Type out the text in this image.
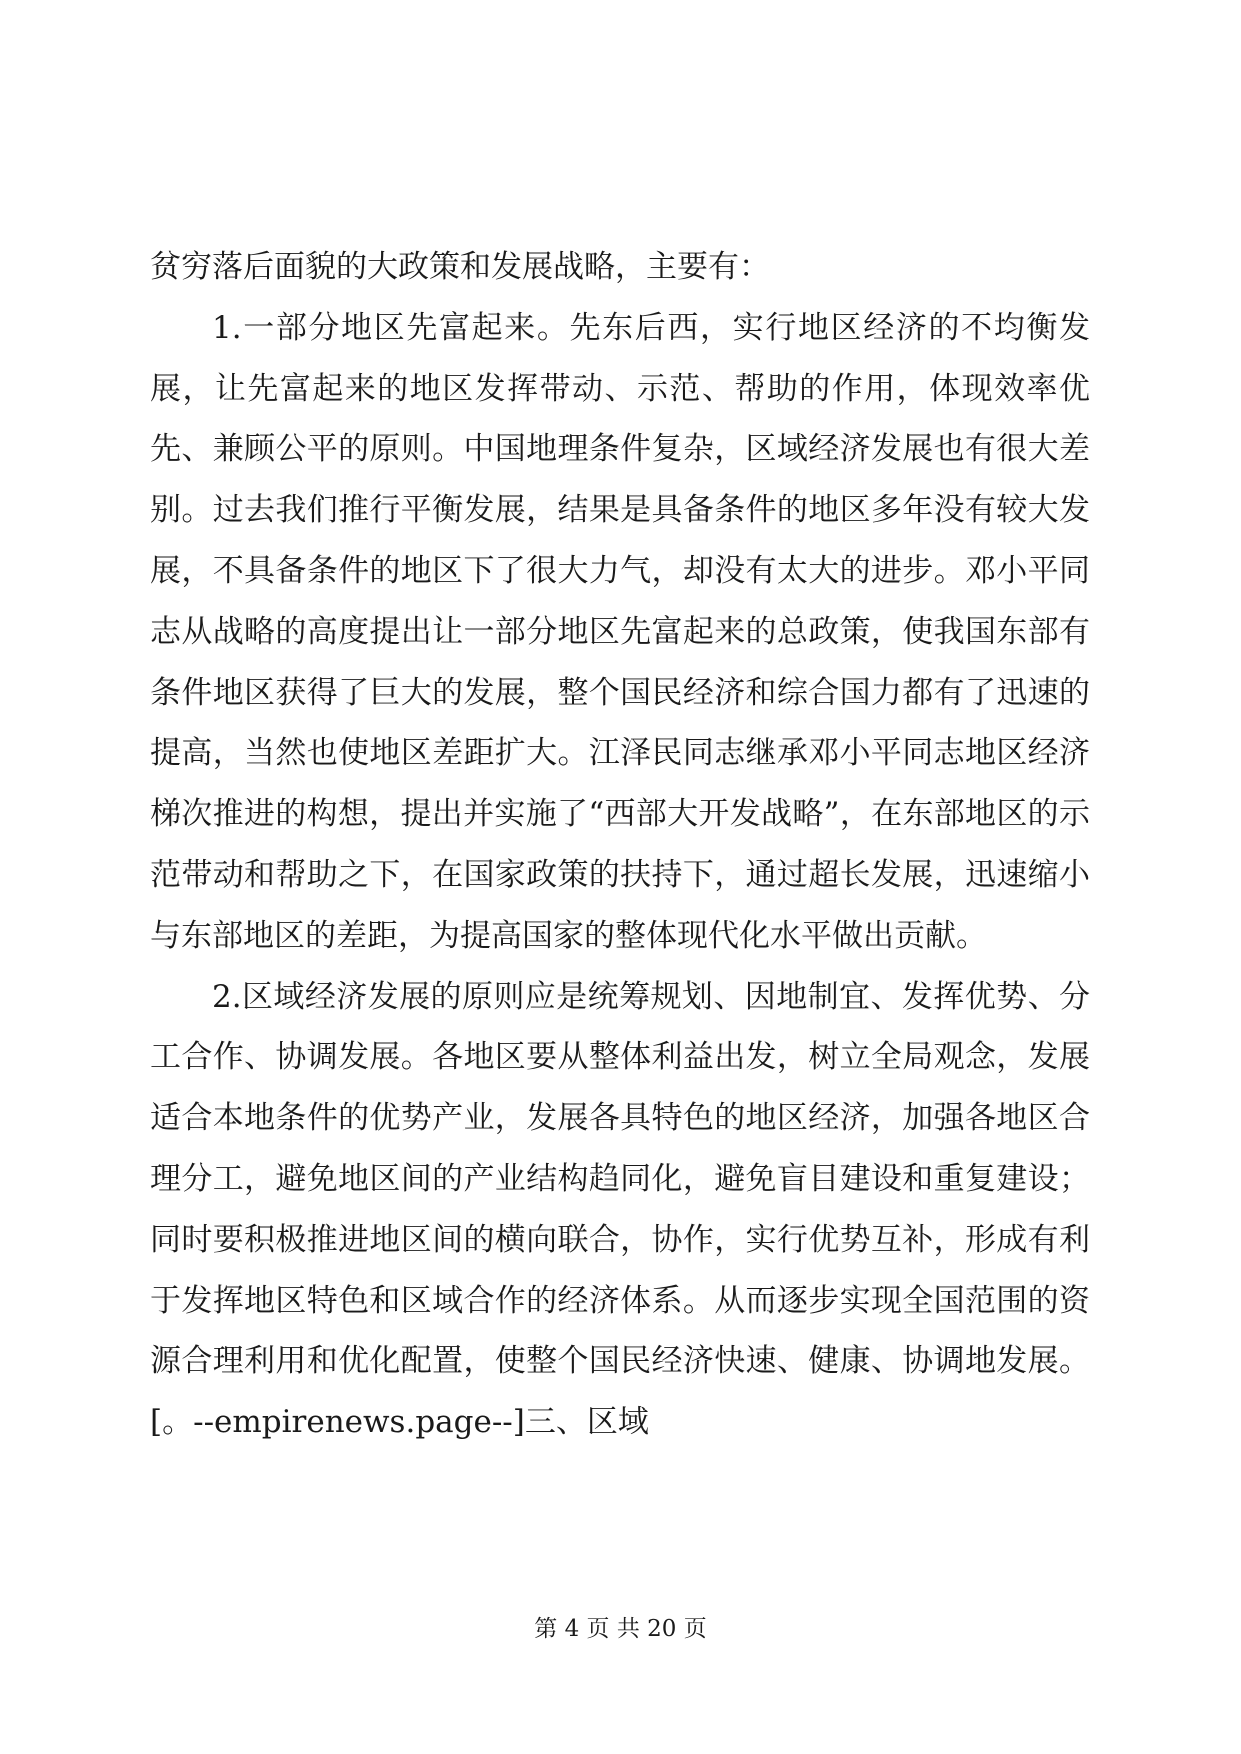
贫穷落后面貌的大政策和发展战略，主要有：

1.一部分地区先富起来。先东后西，实行地区经济的不均衡发展，让先富起来的地区发挥带动、示范、帮助的作用，体现效率优先、兼顾公平的原则。中国地理条件复杂，区域经济发展也有很大差别。过去我们推行平衡发展，结果是具备条件的地区多年没有较大发展，不具备条件的地区下了很大力气，却没有太大的进步。邓小平同志从战略的高度提出让一部分地区先富起来的总政策，使我国东部有条件地区获得了巨大的发展，整个国民经济和综合国力都有了迅速的提高，当然也使地区差距扩大。江泽民同志继承邓小平同志地区经济梯次推进的构想，提出并实施了“西部大开发战略”，在东部地区的示范带动和帮助之下，在国家政策的扶持下，通过超长发展，迅速缩小与东部地区的差距，为提高国家的整体现代化水平做出贡献。

2.区域经济发展的原则应是统筹规划、因地制宜、发挥优势、分工合作、协调发展。各地区要从整体利益出发，树立全局观念，发展适合本地条件的优势产业，发展各具特色的地区经济，加强各地区合理分工，避免地区间的产业结构趋同化，避免盲目建设和重复建设；同时要积极推进地区间的横向联合，协作，实行优势互补，形成有利于发挥地区特色和区域合作的经济体系。从而逐步实现全国范围的资源合理利用和优化配置，使整个国民经济快速、健康、协调地发展。[。--empirenews.page--]三、区域

第 4 页 共 20 页
